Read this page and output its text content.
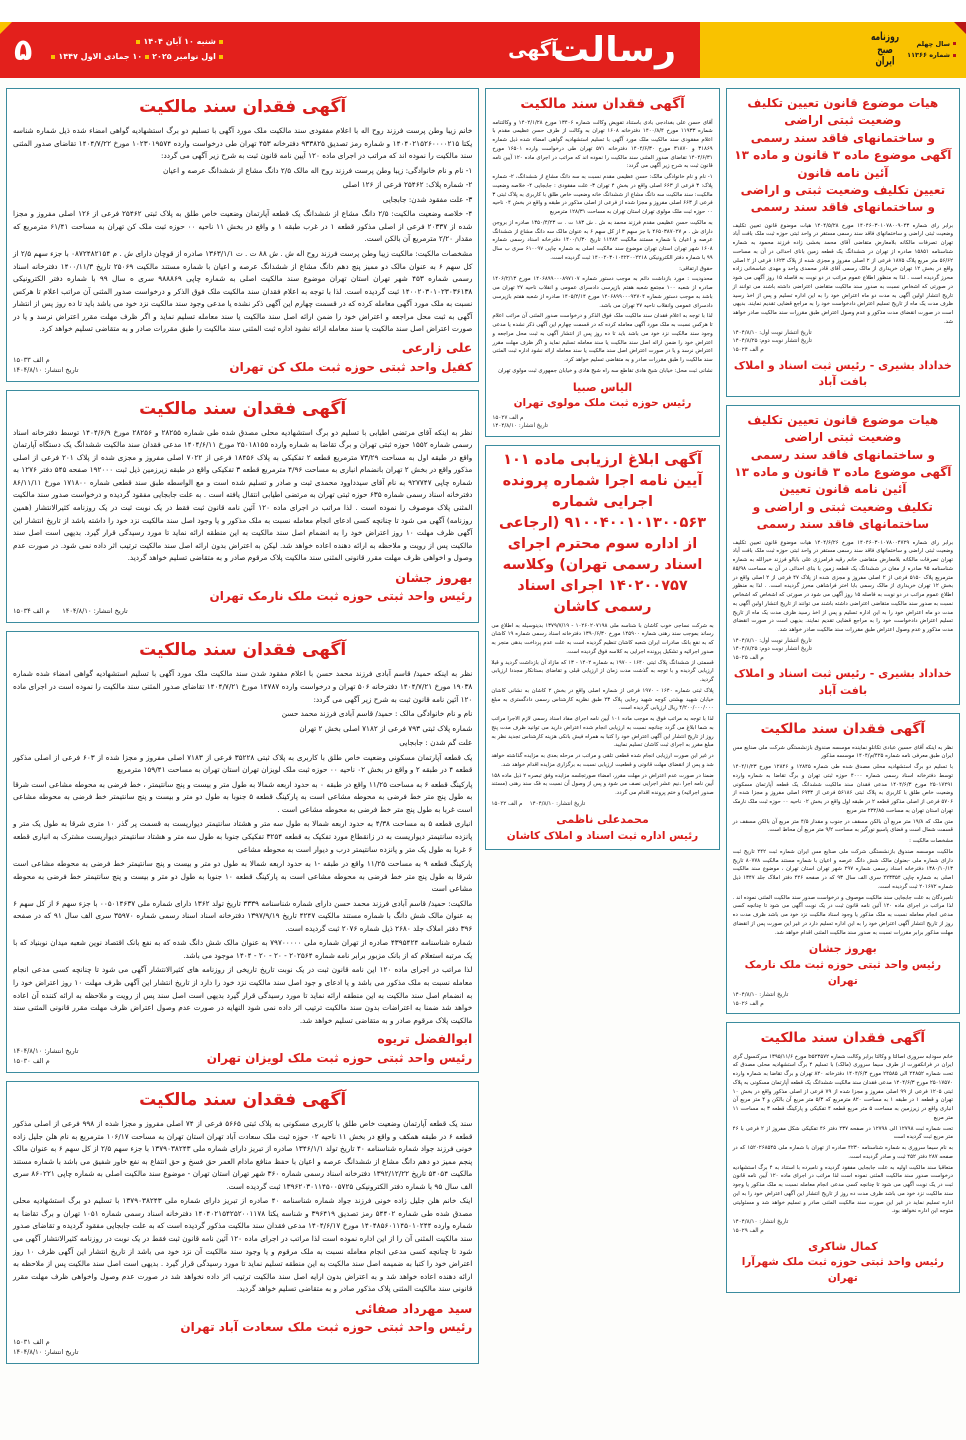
روزنامه
صبح
ایران
سال چهلم
شماره ۱۱۳۶۶
رسالت
آگهی
۵	شنبه ۱۰ آبان ۱۴۰۴
اول نوامبر ۲۰۲۵۱۰ جمادی الاول ۱۴۴۷
هیات موضوع قانون تعیین تکلیف وضعیت ثبتی اراضی
و ساختمانهای فاقد سند رسمی
آگهی موضوع ماده ۳ قانون و ماده ۱۳ آئین نامه قانون
تعیین تکلیف وضعیت ثبتی و اراضی
و ساختمانهای فاقد سند رسمی

برابر رای شماره ۱۴۰۴۶۰۳۰۱۰۷۸۰۰۹۰۴۳ مورخ ۱۴۰۴/۵/۲۸ هیات موضوع قانون تعیین تکلیف وضعیت ثبتی اراضی و ساختمانهای فاقد سند رسمی مستقر در واحد ثبتی حوزه ثبت ملک بافت آباد تهران تصرفات مالکانه بلامعارض متقاضی آقای محمد بخشی زاده فرزند محمود به شماره شناسنامه ۱۵۸۵۱ صادره از تهران در ششدانگ یک قطعه زمین بانای احداثی در آن به مساحت ۵۶/۶۲ متر مربع پلاک ۱۸۷۵ فرعی از ۲ اصلی مفروز و مجزی شده از پلاک ۱۶۲۳ فرعی از ۲ اصلی واقع در بخش ۱۲ تهران خریداری از مالک رسمی آقای قادر محمدی واحد و مهدی عباسخانی زاده محرز گردیده است . لذا به منظور اطلاع عموم مراتب در دو نوبت به فاصله ۱۵ روز آگهی می شود در صورتی که اشخاص نسبت به صدور سند مالکیت متقاضی اعتراضی داشته باشند می توانند از تاریخ انتشار اولین آگهی به مدت دو ماه اعتراض خود را به این اداره تسلیم و پس از اخذ رسید ظرف مدت یک ماه از تاریخ تسلیم اعتراض دادخواست خود را به مراجع قضایی تقدیم نمایند. بدیهی است در صورت انقضای مدت مذکور و عدم وصول اعتراض طبق مقررات سند مالکیت صادر خواهد شد.

تاریخ انتشار نوبت اول: ۱۴۰۴/۸/۱۰
تاریخ انتشار نوبت دوم: ۱۴۰۴/۸/۲۵
م الف ۱۵۰۲۴
خداداد بشیری - رئیس ثبت اسناد و املاک بافت آباد
هیات موضوع قانون تعیین تکلیف وضعیت ثبتی اراضی
و ساختمانهای فاقد سند رسمی
آگهی موضوع ماده ۳ قانون و ماده ۱۳ آئین نامه قانون تعیین
تکلیف وضعیت ثبتی و اراضی و ساختمانهای فاقد سند رسمی

برابر رای شماره ۱۴۰۴۶۰۳۰۱۰۷۸۰۰۴۷۲۹ مورخ ۱۴۰۴/۶/۲۶ هیات موضوع قانون تعیین تکلیف وضعیت ثبتی اراضی و ساختمانهای فاقد سند رسمی مستقر در واحد ثبتی حوزه ثبت ملک بافت آباد تهران تصرفات مالکانه بلامعارض متقاضی خانم رقیه فرامرزی علی بابالو فرزند خیرالله به شماره شناسنامه ۹۵ صادره از مغان در ششدانگ یک قطعه زمین با بنای احداثی در آن به مساحت ۸۵/۹۸ مترمربع پلاک ۵۱۵۰ فرعی از ۲ اصلی مفروز و مجزی شده از پلاک ۴۷ فرعی از ۲ اصلی واقع در بخش ۱۲ تهران خریداری از مالک رسمی بابا اختر فراشاهی محرز گردیده است. . لذا به منظور اطلاع عموم مراتب در دو نوبت به فاصله ۱۵ روز آگهی می شود در صورتی که اشخاص که اشخاص نسبت به صدور سند مالکیت متقاضی اعتراضی داشته باشند می توانند از تاریخ انتشار اولین آگهی به مدت دو ماه اعتراض خود را به این اداره تسلیم و پس از اخذ رسید ظرف مدت یک ماه از تاریخ تسلیم اعتراض دادخواست خود را به مراجع قضایی تقدیم نمایند. بدیهی است در صورت انقضای مدت مذکور و عدم وصول اعتراض طبق مقررات سند مالکیت صادر خواهد شد.

تاریخ انتشار نوبت اول: ۱۴۰۴/۸/۱۰
تاریخ انتشار نوبت دوم: ۱۴۰۴/۸/۲۵
م الف ۱۵۰۲۵
خداداد بشیری - رئیس ثبت اسناد و املاک بافت آباد
آگهی فقدان سند مالکیت

نظر به اینکه آقای حسین عبادی تکانلو نماینده موسسه صندوق بازنشستگی شرکت ملی صنایع مس ایران طبق معرفی نامه شماره ۴۲۵/م/۱۴۰۴ موسسه مذکور

با تسلیم دو برگ استشهادیه محلی مصدق شده طی شماره ۱۲۸۴۵ و ۱۲۸۴۶ مورخ ۱۴۰۴/۱/۲۳ توسط دفترخانه اسناد رسمی شماره ۴۰۰۰ حوزه ثبتی تهران و برگ تقاضا به شماره وارده ۲۵۰۱۷۲۹۱ مورخ ۱۴۰۴/۶/۳ مدعی فقدان سند مالکیت ششدانگ یک قطعه آپارتمان مسکونی وضعیت خاص طلق با کاربری به پلاک ثبتی ۵۶۱۸۶ فرعی از ۶۹۳۳ اصلی مفروز و مجزا شده از ۵۷۰۶ فرعی از اصلی مذکور قطعه ۲ در طبقه اول واقع در بخش ۰۲ ناحیه ۰۰ حوزه ثبت ملک نارمک تهران استان تهران به مساحت ۲۳۲/۸۵ متر مربع

متن ملک که ۱۹/۸ متر مربع آن بالکن مسقف در جنوب و مقدار ۴/۵ متر مربع آن بالکن مسقف در قسمت شمال است و فضای پاسیو نورگیر به مساحت ۹/۲ متر مربع آن محاط است.

مشخصات مالکیت :

مالکیت موسسه صندوق بازنشستگی شرکت ملی صنایع مس ایران شماره ثبت ۲۴۲ تاریخ ثبت دارای شماره ملی -بعنوان مالک شش دانگ عرصه و اعیان با شماره مستند مالکیت ۸۰۷۷۸ تاریخ ۱۳۸۰/۱۰/۱۳ دفترخانه اسناد رسمی شماره ۲۹۷ شهر تهران استان تهران ، موضوع سند مالکیت اصلی به شماره چاپی ۲۲۳۳۵۴ سری الف سال ۹۳ که در صفحه ۴۲۶ دفتر املاک جلد ۱۳۴۷ ذیل شماره ۲۰۱۶۷۲ ثبت گردیده است.

نامبردگان به علت جابجایی سند مالکیت موصوف و درخواست صدور سند مالکیت المثنی نموده اند . لذا مراتب در اجرای ماده ۱۲۰ آئین نامه قانون ثبت در یک نوبت آگهی می شود تا چنانچه کسی مدعی انجام معامله نسبت به ملک مذکور یا وجود اسناد مالکیت نزد خود می باشد ظرف مدت ده روز از تاریخ انتشار آگهی اعتراض خود را به این اداره تسلیم دارد در غیر این صورت پس از انقضای مهلت مذکور برابر مقررات نسبت به صدور سند مالکیت المثنی اقدام خواهد شد.

بهروز جشان
رئیس واحد ثبتی حوزه ثبت ملک نارمک تهران
تاریخ انتشار: ۱۴۰۴/۸/۱۰
م الف ۱۵۰۲۶
آگهی فقدان سند مالکیت

خانم سودابه سروری اصالتا و وکالتا برابر وکالت شماره b۵۲۳۵۷۲ مورخ ۱۳۹۵/۱۱/۶ سرکنسول گری ایران در فرانکفورت از طرف سیما سروری (مالک) با تسلیم ۴ برگ استشهادیه محلی مصدق که تحت شماره ۲۴۸۵۲ الی ۲۴۵۸۵ مورخ ۱۴۰۴/۶/۳ دفترخانه ۸۲۰ تهران و برگ تقاضا به شماره وارده ۲۵۰۱۷۵۷۰ مورخ ۱۴۰۴/۶/۳ مدعی فقدان سند مالکیت ششدانگ یک قطعه آپارتمان مسکونی به پلاک ثبتی ۱۲۰۵ فرعی از ۹۹ اصلی مفروز و مجزا شده از ۷۹ فرعی از اصلی مذکور واقع در بخش ۱۰ تهران و قطعه ۱ در طبقه ۱ به مساحت ۸۲۰ مترمربع که ۵/۳ متر مربع آن بالکن و ۴ متر مربع آن انباری واقع در زیرزمین به مساحت ۵ متر مربع قطعه ۴ تفکیکی و پارکینگ قطعه ۳ به مساحت ۱۱ متر مربع

تحت شماره ثبت ۱۲۷۹۸ الی ۱۲۷۹۸ در صفحه ۲۳۷ دفتر ۴۶ تفکیکی شکل مفروز از ۲ فرعی با ۴۶ متر مربع ثبت گردیده است

به نام سیما سروری به شماره شناسنامه ۴۲۳۰ صادره از تهران با شماره ملی ۱۵۲۰۲۶۸۵۴۵ که در صفحه ۲۸۷ دفتر ۴۵۲ ثبت و صادر گردیده است.

متعاقبا سند مالکیت اولیه به علت جابجایی مفقود گردیده و نامبرده با استناد به ۴ برگ استشهادیه درخواست صدور سند مالکیت المثنی نموده است لذا مراتب در اجرای ماده ۱۲۰ آیین نامه قانون ثبت در یک نوبت آگهی می شود تا چنانچه کسی مدعی انجام معامله نسبت به ملک مذکور یا وجود سند مالکیت نزد خود می باشد ظرف مدت ده روز از تاریخ انتشار این آگهی اعتراض خود را به این اداره تسلیم نماید در غیر این صورت سند مالکیت المثنی صادر و تسلیم خواهد شد و مسئولیتی متوجه این اداره نخواهد بود.

تاریخ انتشار: ۱۴۰۴/۸/۱۰
م الف ۱۵۰۲۹
کمال شاکری
رئیس واحد ثبتی حوزه ثبت ملک شهرآرا تهران
آگهی فقدان سند مالکیت

آقای حسن علی بغدادجی بادی باستناد تفویض وکالت شماره ۱۳۴۰۶ مورخ ۱۴۰۲/۱/۲۸ و وکالتنامه شماره ۱۱۹۳۳ مورخ ۱۴۰۰/۸/۴ دفترخانه ۱۶۰۸ تهران به وکالت از طرف حسن عظیمی مقدم با اعلام مفقودی سند مالکیت ملک مورد آگهی با تسلیم استشهادیه گواهی امضاء شده ذیل شماره ۳۱۸۶۹ و ۳۱۸۷۰ مورخ ۱۴۰۴/۶/۳۰ دفترخانه ۵۷۱ تهران طی درخواست وارده ۱۶۵۰۱ مورخ ۱۴۰۴/۶/۳۱ تقاضای صدور المثنی سند مالکیت را نموده اند که مراتب در اجرای ماده ۱۲۰ آیین نامه قانون ثبت به شرح زیر آگهی می گردد:

۱- نام و نام خانوادگی مالک: حسن عظیمی مقدم نسبت به سه دانگ مشاع از ششدانگ، ۲- شماره پلاک: ۳ فرعی از ۶۶۳ اصلی واقع در بخش ۴ تهران ۳- علت مفقودی : جابجایی ۴- خلاصه وضعیت مالکیت: سند مالکیت سه دانگ مشاع از ششدانگ خانه وضعیت خاص طلق با کاربری به پلاک ثبتی ۳ فرعی از ۶۶۳ اصلی مفروز و مجزا شده از فرعی از اصلی مذکور در طبقه و واقع در بخش ۰۴ ناحیه ۰۰ حوزه ثبت ملک مولوی تهران استان تهران به مساحت ۱۲۸/۳۱ مترمربع

به مالکیت حسن عظیمی مقدم فرزند محمد به ش . ش ۱۸۳ ت . ت ۱۳۵۰/۴/۲۳ صادره از بروجن دارای ش . م ۴۶۵۰۳۸۷۰۲۷ با جز سهم ۳ از کل سهم ۶ به عنوان مالک سه دانگ مشاع از ششدانگ عرصه و اعیان با شماره مستند مالکیت ۱۱۴۸۴ تاریخ ۱۴۰۰/۱/۳۰ دفترخانه اسناد رسمی شماره ۱۶۰۸ شهر تهران استان تهران موضوع سند مالکیت اصلی به شماره چاپی ۶۱۰۰۹۷ سری ب سال ۹۹ با شماره دفتر الکترونیکی ۱۴۰۰۲۰۳۰۱۰۴۲۲۰۰۲۲۱۸ ثبت گردیده است.

حقوق ارتفاقی:

محدودیت : مورد بازداشت دائم به موجب دستور شماره ۱۴۰۶۸۹۹۰۰۰۸۹۷۱۰۷ مورخ ۱۴۰۶/۲/۱۳ صادره از شعبه ۱۰۰ مجتمع شعبه هفتم بازپرسی دادسرای عمومی و انقلاب ناحیه ۲۷ تهران می باشد به موجب دستور شماره ۱۴۰۶۸۹۹۰۰۰۹۲۷۰۴ مورخ ۱۴۰۵/۲/۱۴ صادره از شعبه هفتم بازپرسی دادسرای عمومی وانقلاب ناحیه ۲۷ تهران می باشد.

لذا با توجه به اعلام فقدان سند مالکیت ملک فوق الذکر و درخواست صدور المثنی آن مراتب اعلام تا هرکس نسبت به ملک مورد آگهی معامله کرده که در قسمت چهارم این آگهی ذکر نشده یا مدعی وجود سند مالکیت نزد خود می باشد باید تا ده روز پس از انتشار آگهی به ثبت محل مراجعه و اعتراض خود را ضمن ارائه اصل سند مالکیت یا سند معامله تسلیم نماید و اگر ظرف مهلت مقرر اعتراض نرسد و یا در صورت اعتراض اصل سند مالکیت یا سند معامله ارائه نشود اداره ثبت المثنی سند مالکیت را طبق مقررات صادر و به متقاضی تسلیم خواهد کرد.

نشانی ثبت محل: خیابان شیخ هادی تقاطع سه راه شیخ هادی و خیابان جمهوری ثبت مولوی تهران

الیاس صبیا
رئیس حوزه ثبت ملک مولوی تهران
م الف ۱۵۰۲۷
تاریخ انتشار: ۱۴۰۴/۸/۱۰
آگهی ابلاغ ارزیابی ماده ۱۰۱ آیین نامه اجرا شماره پرونده اجرایی شماره ۹۱۰۰۴۰۰۱۰۱۳۰۰۵۶۳ (ارجاعی از اداره سوم محترم اجرای اسناد رسمی تهران) وکلاسه ۱۴۰۲۰۰۷۵۷ اجرای اسناد رسمی کاشان

به شرکت نساجی خوب کاشان با شناسه ملی ۱۰۲۶۰۲۰۷۱۹۸ - ۱۳۷۹/۷/۱۹ بدینوسیله به اطلاع می رساند بموجب سند رهنی شماره ۱۴۵۹۰۰ مورخ ۱۳۹۰/۶/۳۰ دفترخانه اسناد رسمی شماره ۱۹ کاشان که به نفع بانک صادرات ایران شعبه کاشان تنظیم گردیده است به علت عدم پرداخت بدهی منجر به صدور اجرائیه و تشکیل پرونده اجرایی به کلاسه فوق گردیده است.

قسمتی از ششدانگ پلاک ثبتی ۱۶۴۰ - ۱۹۷۰ به شماره ۱۴۰۲ - ۱۳ که مازاد آن بازداشت گردید و قبلا ارزیابی گردیده و با توجه به گذشت مدت زمان از ارزیابی قبلی و تقاضای بستانکار مجددا ارزیابی گردید.

پلاک ثبتی شماره ۱۶۴۰ - ۱۹۷۰ فرعی از شماره اصلی واقع در بخش ۲ کاشان به نشانی کاشان خیابان شهید بهشتی کوچه شهید رجایی پلاک ۲۳ طبق نظریه کارشناس رسمی دادگستری به مبلغ ۴/۲۰۰/۰۰۰/۰۰۰ ریال ارزیابی گردیده است.

لذا با توجه به مراتب فوق به موجب ماده ۱۰۱ آیین نامه اجرای مفاد اسناد رسمی لازم الاجرا مراتب به شما ابلاغ می گردد چنانچه نسبت به ارزیابی انجام شده اعتراض دارید می توانید ظرف مدت پنج روز از تاریخ انتشار این آگهی اعتراض خود را کتبا به همراه فیش بانکی هزینه کارشناس تجدید نظر به مبلغ مقرر به اجرای ثبت کاشان تسلیم نمایید.

در غیر این صورت ارزیابی انجام شده قطعی تلقی و مراتب در مرحله بعدی به مزایده گذاشته خواهد شد و پس از انقضای مهلت قانونی و قطعیت ارزیابی نسبت به برگزاری مزایده اقدام خواهد شد.

ضمنا در صورت عدم اعتراض در مهلت مقرر، امضاء صورتجلسه مزایده وفق تبصره ۲ ذیل ماده ۱۵۸ آیین نامه اجرا ،نیم عشر اجرایی نصف می شود و پس از وصول آن نسبت به فک سند رهنی (مستند صدور اجرائیه) و ختم پرونده اقدام می گردد.

تاریخ انتشار: ۱۴۰۴/۸/۱۰    م الف ۱۵۰۳۲
محمدعلی ناظمی
رئیس اداره ثبت اسناد و املاک کاشان
آگهی فقدان سند مالکیت

خانم زیبا وطن پرست فرزند روح اله با اعلام مفقودی سند مالکیت ملک مورد آگهی با تسلیم دو برگ استشهادیه گواهی امضاء شده ذیل شماره شناسه یکتا ۱۴۰۴۰۲۱۵۲۶۰۰۰۰۲۱۵ و شماره رمز تصدیق ۹۳۳۸۲۵ دفترخانه ۴۵۳ تهران طی درخواست وارده ۱۰۲۳۰۱۹۵۷۴ مورخ ۱۴۰۴/۷/۲۲ تقاضای صدور المثنی سند مالکیت را نموده اند که مراتب در اجرای ماده ۱۲۰ آیین نامه قانون ثبت به شرح زیر آگهی می گردد:

۱- نام و نام خانوادگی: زیبا وطن پرست فرزند روح اله مالک ۲/۵ دانگ مشاع از ششدانگ عرصه و اعیان

۲- شماره پلاک: ۲۵۴۶۲ فرعی از ۱۲۶ اصلی

۳- علت مفقود شدن: جابجایی

۴- خلاصه وضعیت مالکیت: ۲/۵ دانگ مشاع از ششدانگ یک قطعه آپارتمان وضعیت خاص طلق به پلاک ثبتی ۲۵۴۶۲ فرعی از ۱۲۶ اصلی مفروز و مجزا شده از ۲۰۳۳۷ فرعی از اصلی مذکور قطعه ۱ در غرب طبقه ۱ و واقع در بخش ۱۱ ناحیه ۰۰ حوزه ثبت ملک کن تهران به مساحت ۶۱/۴۱ مترمربع که مقدار ۲/۲۰ مترمربع آن بالکن است.

مشخصات مالکیت: مالکیت زیبا وطن پرست فرزند روح اله ش . ش ۸۸ ت . ت ۱۳۶۳/۱/۱ صادره از قوچان دارای ش . م ۰۸۷۲۴۸۲۱۵۴ با جزء سهم ۲/۵ از کل سهم ۶ به عنوان مالک دو ممیز پنج دهم دانگ مشاع از ششدانگ عرصه و اعیان با شماره مستند مالکیت ۲۵۰۶۹ تاریخ ۱۴۰۰/۱۱/۳ دفترخانه اسناد رسمی شماره ۴۵۳ شهر تهران استان تهران موضوع سند مالکیت اصلی به شماره چاپی ۹۸۸۸۶۹ سری ه سال ۹۹ با شماره دفتر الکترونیکی ۱۴۰۰۲۰۳۰۱۰۲۳۰۳۶۱۳۸ ثبت گردیده است. لذا با توجه به اعلام فقدان سند مالکیت ملک فوق الذکر و درخواست صدور المثنی آن مراتب اعلام تا هرکس نسبت به ملک مورد آگهی معامله کرده که در قسمت چهارم این آگهی ذکر نشده یا مدعی وجود سند مالکیت نزد خود می باشد باید تا ده روز پس از انتشار آگهی به ثبت محل مراجعه و اعتراض خود را ضمن ارائه اصل سند مالکیت یا سند معامله تسلیم نماید و اگر ظرف مهلت مقرر اعتراض نرسد و یا در صورت اعتراض اصل سند مالکیت یا سند معامله ارائه نشود اداره ثبت المثنی سند مالکیت را طبق مقررات صادر و به متقاضی تسلیم خواهد کرد.

علی زارعی
کفیل واحد ثبتی حوزه ثبت ملک کن تهران
م الف ۱۵۰۳۳
تاریخ انتشار: ۱۴۰۴/۸/۱۰
آگهی فقدان سند مالکیت

نظر به اینکه آقای مرتضی اطیابی با تسلیم دو برگ استشهادیه محلی مصدق شده طی شماره ۲۸۲۵۵ و ۲۸۲۵۶ مورخ ۱۴۰۴/۶/۹ توسط دفترخانه اسناد رسمی شماره ۱۵۵۲ حوزه ثبتی تهران و برگ تقاضا به شماره وارده ۲۵۰۱۸۱۵۵ مورخ ۱۴۰۴/۶/۱۱ مدعی فقدان سند مالکیت ششدانگ یک دستگاه آپارتمان واقع در طبقه اول به مساحت ۷۳/۲۹ مترمربع قطعه ۲ تفکیکی به پلاک ۱۸۴۵۶ فرعی از ۷۰۲۲ اصلی مفروز و مجزی شده از پلاک ۲۰۱ فرعی از اصلی مذکور واقع در بخش ۲ تهران بانضمام انباری به مساحت ۴/۹۶ مترمربع قطعه ۳ تفکیکی واقع در طبقه زیرزمین ذیل ثبت ۱۹۲۰۰۰ صفحه ۵۴۵ دفتر ۱۲۷۶ به شماره چاپی ۹۲۷۷۴۷ به نام آقای سیدداوود محمدی ثبت و صادر و تسلیم شده است و مع الواسطه طبق سند قطعی شماره ۱۷۱۸۰۰ مورخ ۸۶/۱۱/۱۱ دفترخانه اسناد رسمی شماره ۶۳۵ حوزه ثبتی تهران به مرتضی اطیابی انتقال یافته است . به علت جابجایی مفقود گردیده و درخواست صدور سند مالکیت المثنی پلاک موصوف را نموده است . لذا مراتب در اجرای ماده ۱۲۰ آئین نامه قانون ثبت فقط در یک نوبت ثبت در یک روزنامه کثیرالانتشار (همین روزنامه) آگهی می شود تا چنانچه کسی ادعای انجام معامله نسبت به ملک مذکور و یا وجود اصل سند مالکیت نزد خود را داشته باشد از تاریخ انتشار این آگهی ظرف مهلت ۱۰ روز اعتراض خود را به انضمام اصل سند مالکیت به این منطقه ارائه نماید تا مورد رسیدگی قرار گیرد. بدیهی است اصل سند مالکیت پس از رویت و ملاحظه به ارائه دهنده اعاده خواهد شد. لیکن به اعتراض بدون ارائه اصل سند مالکیت ترتیب اثر داده نمی شود. در صورت عدم وصول و اخواهی ظرف مهلت مقرر قانونی المثنی سند مالکیت پلاک مرقوم صادر و به متقاضی تسلیم خواهد گردید.

بهروز جشان
رئیس واحد ثبتی حوزه ثبت ملک نارمک تهران
تاریخ انتشار: ۱۴۰۴/۸/۱۰      م الف ۱۵۰۳۴
آگهی فقدان سند مالکیت

نظر به اینکه حمید/ قاسم آبادی فرزند محمد حسن با اعلام مفقود شدن سند مالکیت ملک مورد آگهی با تسلیم استشهادیه گواهی امضاء شده شماره ۱۹۰۳۸ مورخ ۱۴۰۴/۷/۲۱ دفترخانه ۵۰۶ تهران و درخواست وارده ۱۴۷۸۷ مورخ ۱۴۰۴/۷/۲۱ تقاضای صدور المثنی سند مالکیت را نموده است در اجرای ماده ۱۲۰ آئین نامه قانون ثبت به شرح زیر آگهی می گردد:

نام و نام خانوادگی مالک : حمید/ قاسم آبادی فرزند محمد حسن

شماره پلاک ثبتی ۷۹۳ فرعی از ۷۱۸۲ اصلی بخش ۲ تهران

علت گم شدن : جابجایی

یک قطعه آپارتمان مسکونی وضعیت خاص طلق با کاربری به پلاک ثبتی ۳۵۲۲۸ فرعی از ۷۱۸۳ اصلی مفروز و مجزا شده از ۶۰۳ فرعی از اصلی مذکور قطعه ۴ در طبقه ۲ و واقع در بخش ۰۲ ناحیه ۰۰ حوزه ثبت ملک لویزان تهران استان تهران به مساحت ۱۵۹/۴۱ مترمربع

پارکینگ قطعه ۶ به مساحت ۱۱/۲۵ واقع در طبقه ۰ به حدود اربعه شمالا به طول متر و بیست و پنج سانتیمتر ، خط فرضی به محوطه مشاعی است شرقا به طول پنج متر خط فرضی به محوطه مشاعی است به پارکینگ قطعه ۵ جنوبا به طول دو متر و بیست و پنج سانتیمتر خط فرضی به محوطه مشاعی است غربا به طول پنج متر خط فرضی به محوطه مشاعی است .

انباری قطعه ۵ به مساحت ۴/۳۸ به حدود اربعه شمالا به طول سه متر و هشتاد سانتیمتر دیواریست به قسمت پر گذر ۱۰ متری شرقا به طول یک متر و پانزده سانتیمتر دیواریست به در زانقطاع مورد تفکیک به قطعه ۳۲۵۴ تفکیکی جنوبا به طول سه متر و هشتاد سانتیمتر دیواریست مشترک به انباری قطعه ۶ غربا به طول یک متر و پانزده سانتیمتر درب و دیوار است به محوطه مشاعی

پارکینگ قطعه ۹ به مساحت ۱۱/۲۵ واقع در طبقه -۱ به حدود اربعه شمالا به طول دو متر و بیست و پنج سانتیمتر خط فرضی به محوطه مشاعی است شرقا به طول پنج متر خط فرضی به محوطه مشاعی است به پارکینگ قطعه ۱۰ جنوبا به طول دو متر و بیست و پنج سانتیمتر خط فرضی به محوطه مشاعی است

مالکیت: حمید/ قاسم آبادی فرزند محمد حسن دارای شماره شناسنامه ۳۳۳۹ تاریخ تولد ۱۳۶۲ دارای شماره ملی ۰۰۵۰۱۴۶۳۷ با جزء سهم ۶ از کل سهم ۶ به عنوان مالک شش دانگ با شماره مستند مالکیت ۴۲۴۷ تاریخ ۱۳۹۷/۹/۱۹ دفترخانه اسناد اسناد رسمی شماره ۳۵۹۷۰ سری الف سال ۹۱ که در صفحه ۳۹۶ دفتر املاک جلد ۲۶۸۰ ذیل شماره ۲۰۷۶ ثبت گردیده است.

شماره شناسنامه ۴۳۹۵۴۲۴ صادره از تهران شماره ملی ۷۹۷۰۰۰۰۰ به عنوان مالک شش دانگ شده که به نفع بانک اقتصاد نوین شعبه میدان نوبنیاد که با یک مرتبه استعلام که از بانک مزبور برابر نامه شماره ۲۰۲۵۶۴ - ۲۰ - ۲۰ - ۱۴۰۴ موجود می باشد.

لذا مراتب در اجرای ماده ۱۲۰ این نامه قانون ثبت در یک نوبت تاریخ تاریخی از روزنامه های کثیرالانتشار آگهی می شود تا چنانچه کسی مدعی انجام معامله نسبت به ملک مذکور می باشد و یا ادعای و جود اصل سند مالکیت نزد خود را دارد از تاریخ انتشار این آگهی ظرف مهلت ۱۰ روز اعتراض خود را به انضمام اصل سند مالکیت به این منطقه ارائه نماید تا مورد رسیدگی قرار گیرد بدیهی است اصل سند پس از رویت و ملاحظه به ارائه کننده آن اعاده خواهد شد ضمنا به اعتراضات بدون سند مالکیت ترتیب اثر داده نمی شود النهایه در صورت عدم وصول اعتراض ظرف مهلت مقرر قانونی المثنی سند مالکیت پلاک مرقوم صادر و به متقاضی تسلیم خواهد شد.

ابوالفضل تریوه
رئیس واحد ثبتی حوزه ثبت ملک لویزان تهران
تاریخ انتشار: ۱۴۰۴/۸/۱۰
م الف ۱۵۰۳۰
آگهی فقدان سند مالکیت

سند یک قطعه آپارتمان وضعیت خاص طلق با کاربری مسکونی به پلاک ثبتی ۵۶۶۵ فرعی از ۷۴ اصلی مفروز و مجزا شده از ۹۹۸ فرعی از اصلی مذکور قطعه ۶ در طبقه همکف و واقع در بخش ۱۱ ناحیه ۰۲ حوزه ثبت ملک سعادت آباد تهران استان تهران به مساحت ۱۰۶/۱۷ مترمربع به نام هلن جلیل زاده خونی فرزند جواد شماره شناسنامه ۴۰ تاریخ تولد ۱۳۴۶/۱/۱ صادره از تبریز دارای شماره ملی ۱۳۷۹۰۳۸۲۴۳ با جزء سهم ۲/۵ از کل سهم ۶ به عنوان مالک پنجم ممیز دو دهم دانگ مشاع از ششدانگ عرصه و اعیان با حفظ منافع مادام العمر حق فسخ و حق انتفاع به نفع خاور شفیق می باشد با شماره مستند مالکیت ۵۴۰۵۴ تاریخ ۱۳۹۲/۱۲/۲۲ دفترخانه اسناد رسمی شماره ۳۶۰ شهر تهران استان تهران - موضوع سند مالکیت اصلی به شماره چاپی ۸۶۰۲۲۱ سری الف سال ۹۵ با شماره دفتر الکترونیکی ۱۳۹۶۲۰۳۰۱۱۴۵۰۰۵۷۲۵ ثبت گردیده است.

اینک خانم هلن جلیل زاده خونی فرزند جواد شماره شناسنامه ۴۰ صادره از تبریز دارای شماره ملی ۱۳۷۹۰۳۸۲۴۳ با تسلیم دو برگ استشهادیه محلی مصدق شده طی شماره ۵۴۴۰۲ رمز تصدیق ۳۹۶۴۱۹ و شناسه یکتا ۱۴۰۴۰۲۱۵۴۲۵۲۰۰۱۱۷۸ دفترخانه اسناد رسمی شماره ۱۰۵۱ تهران و برگ تقاضا به شماره وارده ۱۴۰۴۸۵۶۰۱۱۴۵۰۱۰۲۴۴ مورخ ۱۴۰۴/۶/۱۷ مدعی فقدان سند مالکیت مذکور گردیده است که به علت جابجایی مفقود گردیده و تقاضای صدور سند مالکیت المثنی آن را از این اداره نموده است لذا مراتب در اجرای ماده ۱۲۰ آئین نامه قانون ثبت فقط در یک نوبت در روزنامه کثیرالانتشار آگهی می شود تا چنانچه کسی مدعی انجام معامله نسبت به ملک مرقوم و یا وجود سند مالکیت آن نزد خود می باشد از تاریخ انتشار این آگهی ظرف ۱۰ روز اعتراض خود را کتبا به ضمیمه اصل سند مالکیت به این منطقه تسلیم نماید تا مورد رسیدگی قرار گیرد . بدیهی است اصل سند مالکیت پس از ملاحظه به ارائه دهنده اعاده خواهد شد و به اعتراض بدون ارایه اصل سند مالکیت ترتیب اثر داده نخواهد شد در صورت عدم وصول واخواهی ظرف مهلت مقرر قانونی سند مالکیت المثنی پلاک مذکور صادر و به متقاضی تسلیم خواهد گردید.

سید مهرداد صفائی
رئیس واحد ثبتی حوزه ثبت ملک سعادت آباد تهران
م الف ۱۵۰۳۱
تاریخ انتشار: ۱۴۰۴/۸/۱۰
